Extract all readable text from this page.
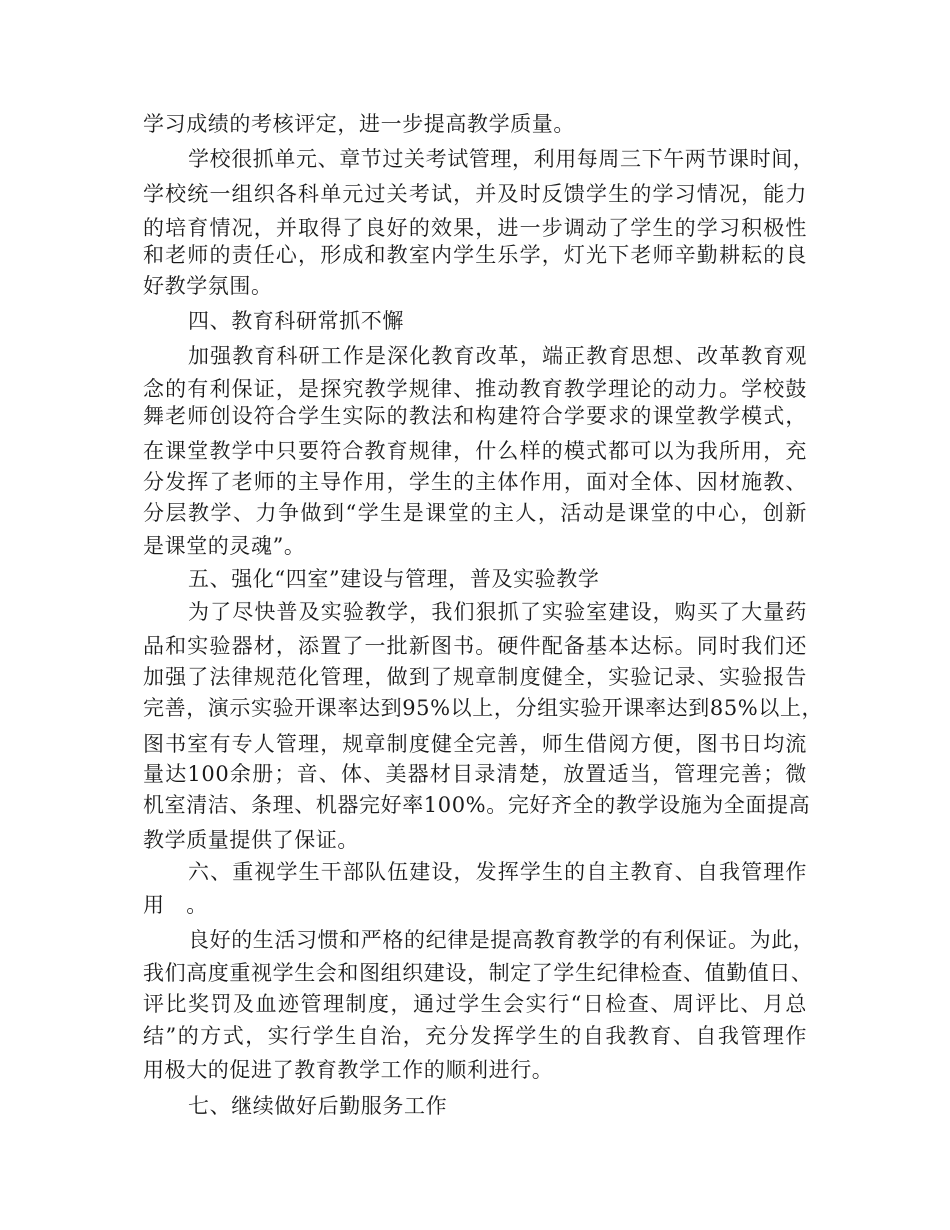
学习成绩的考核评定，进一步提高教学质量。
学校很抓单元、章节过关考试管理，利用每周三下午两节课时间，
学校统一组织各科单元过关考试，并及时反馈学生的学习情况，能力
的培育情况，并取得了良好的效果，进一步调动了学生的学习积极性
和老师的责任心，形成和教室内学生乐学，灯光下老师辛勤耕耘的良
好教学氛围。
四、教育科研常抓不懈
加强教育科研工作是深化教育改革，端正教育思想、改革教育观
念的有利保证，是探究教学规律、推动教育教学理论的动力。学校鼓
舞老师创设符合学生实际的教法和构建符合学要求的课堂教学模式，
在课堂教学中只要符合教育规律，什么样的模式都可以为我所用，充
分发挥了老师的主导作用，学生的主体作用，面对全体、因材施教、
分层教学、力争做到“学生是课堂的主人，活动是课堂的中心，创新
是课堂的灵魂”。
五、强化“四室”建设与管理，普及实验教学
为了尽快普及实验教学，我们狠抓了实验室建设，购买了大量药
品和实验器材，添置了一批新图书。硬件配备基本达标。同时我们还
加强了法律规范化管理，做到了规章制度健全，实验记录、实验报告
完善，演示实验开课率达到95%以上，分组实验开课率达到85%以上，
图书室有专人管理，规章制度健全完善，师生借阅方便，图书日均流
量达100余册；音、体、美器材目录清楚，放置适当，管理完善；微
机室清洁、条理、机器完好率100%。完好齐全的教学设施为全面提高
教学质量提供了保证。
六、重视学生干部队伍建设，发挥学生的自主教育、自我管理作
用　。
良好的生活习惯和严格的纪律是提高教育教学的有利保证。为此，
我们高度重视学生会和图组织建设，制定了学生纪律检查、值勤值日、
评比奖罚及血迹管理制度，通过学生会实行“日检查、周评比、月总
结”的方式，实行学生自治，充分发挥学生的自我教育、自我管理作
用极大的促进了教育教学工作的顺利进行。
七、继续做好后勤服务工作
